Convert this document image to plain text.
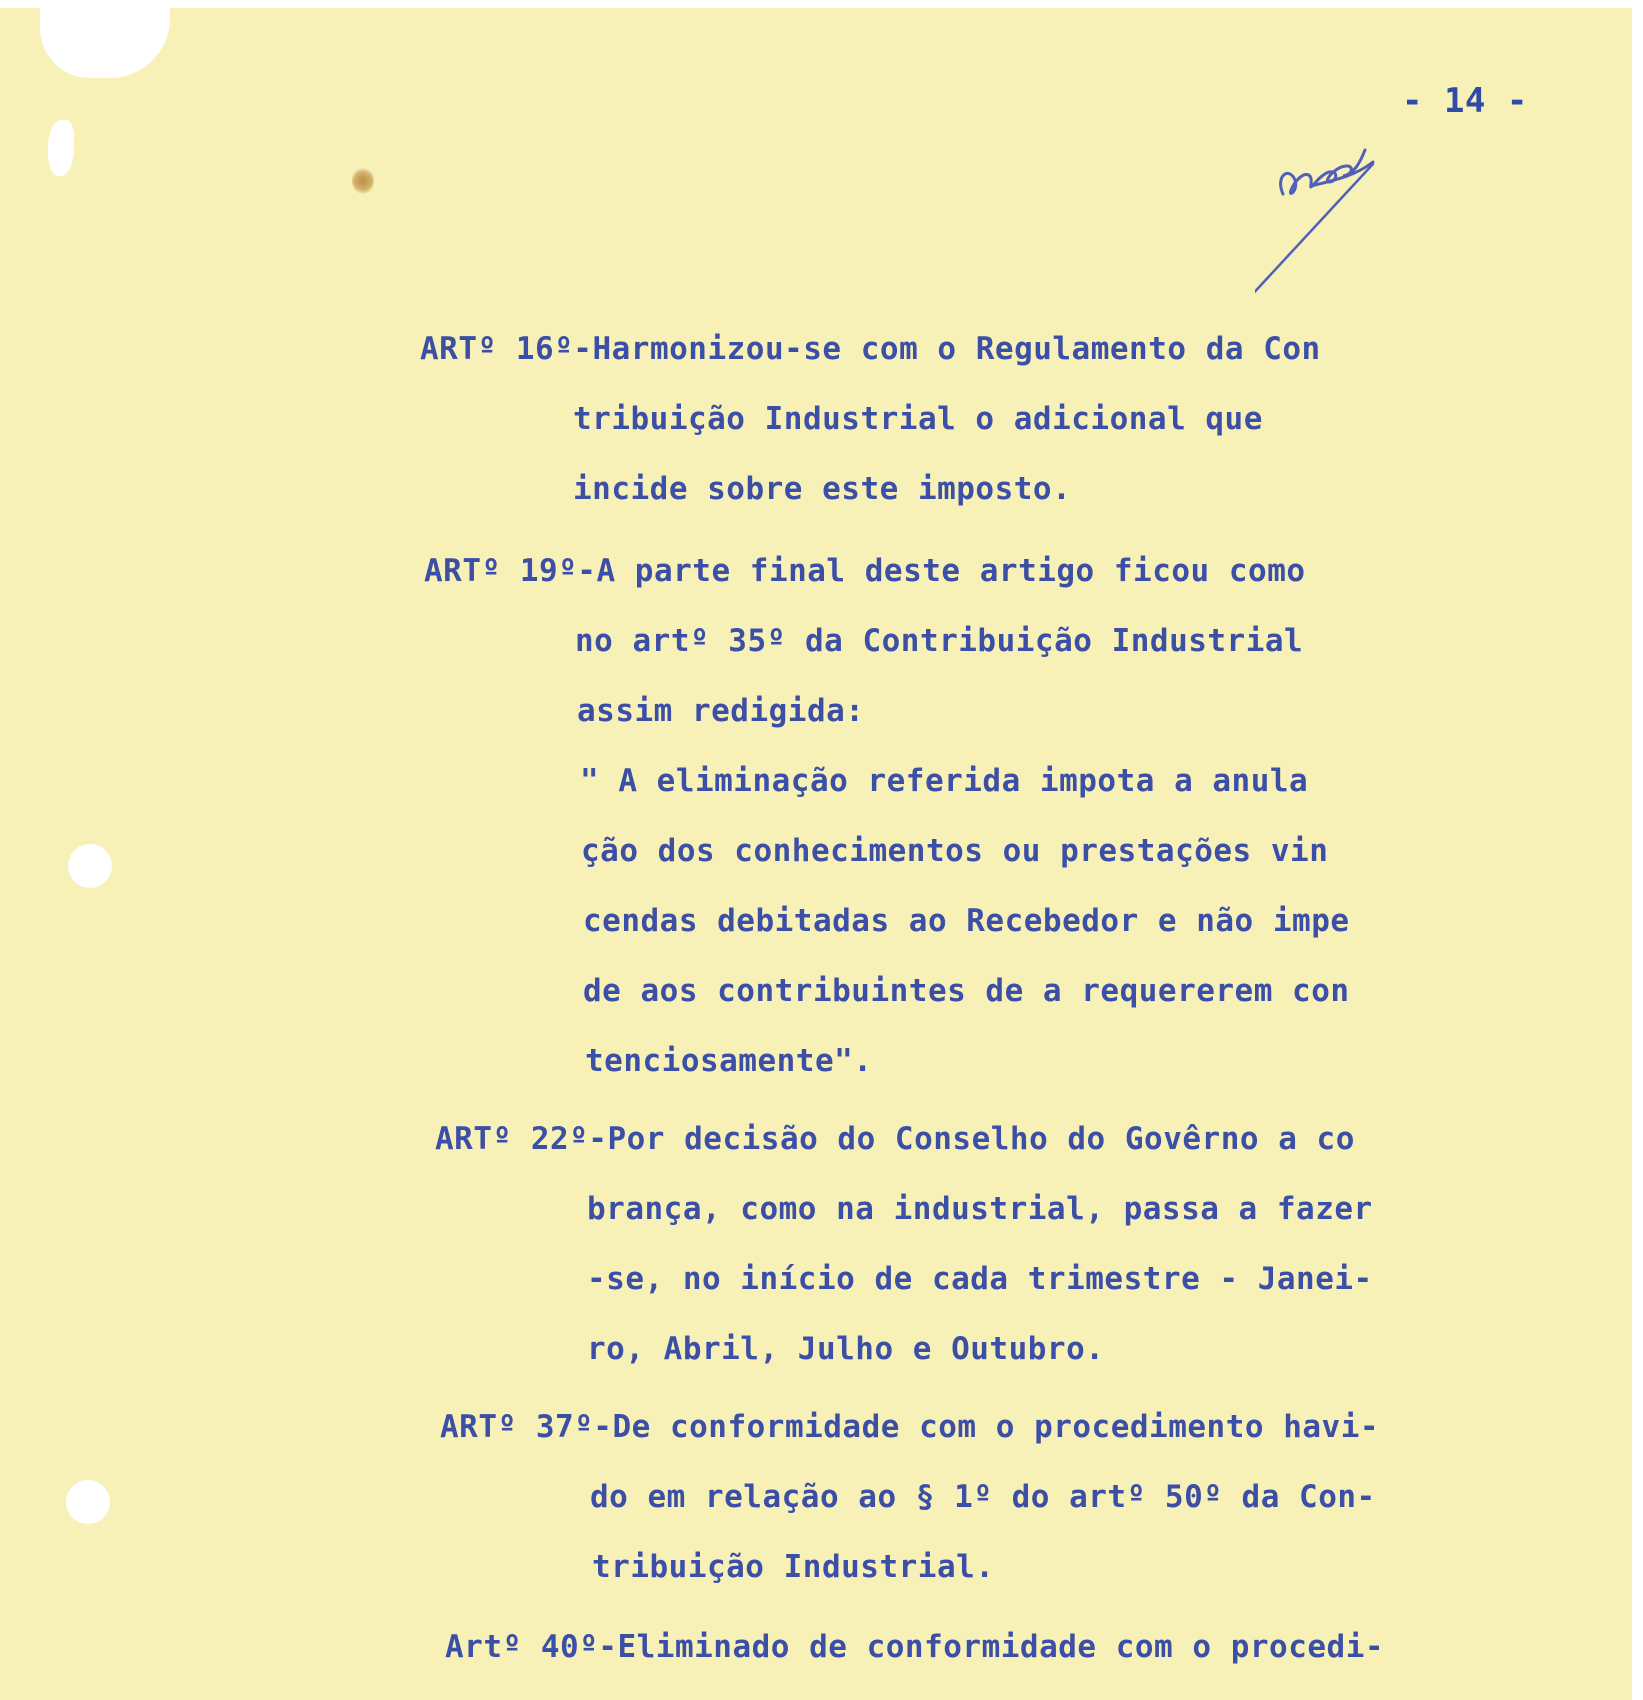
- 14 -
ARTº 16º-Harmonizou-se com o Regulamento da Con
tribuição Industrial o adicional que
incide sobre este imposto.
ARTº 19º-A parte final deste artigo ficou como
no artº 35º da Contribuição Industrial
assim redigida:
" A eliminação referida impota a anula
ção dos conhecimentos ou prestações vin
cendas debitadas ao Recebedor e não impe
de aos contribuintes de a requererem con
tenciosamente".
ARTº 22º-Por decisão do Conselho do Govêrno a co
brança, como na industrial, passa a fazer
-se, no início de cada trimestre - Janei-
ro, Abril, Julho e Outubro.
ARTº 37º-De conformidade com o procedimento havi-
do em relação ao § 1º do artº 50º da Con-
tribuição Industrial.
Artº 40º-Eliminado de conformidade com o procedi-
